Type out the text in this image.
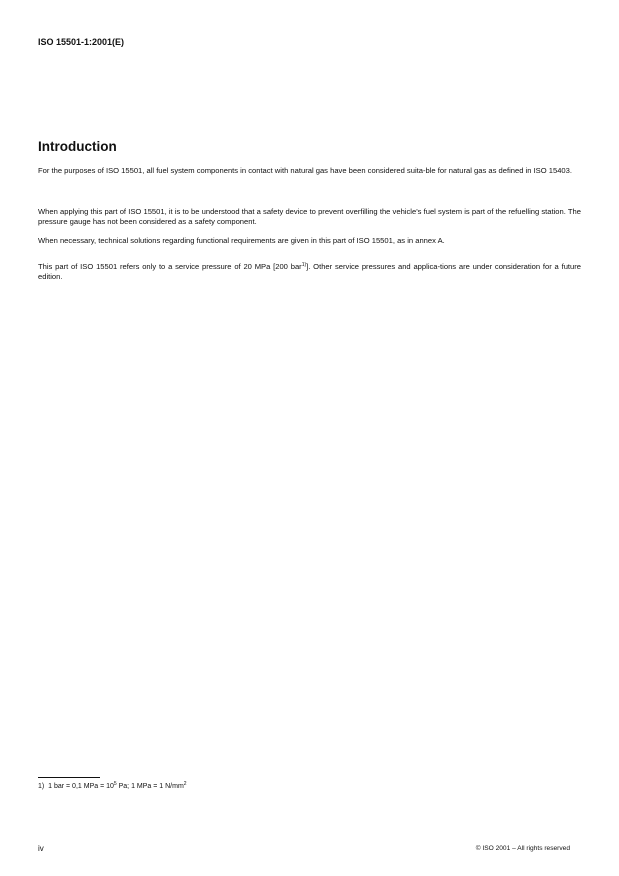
ISO 15501-1:2001(E)
Introduction

For the purposes of ISO 15501, all fuel system components in contact with natural gas have been considered suita-ble for natural gas as defined in ISO 15403.

When applying this part of ISO 15501, it is to be understood that a safety device to prevent overfilling the vehicle's fuel system is part of the refuelling station. The pressure gauge has not been considered as a safety component.

When necessary, technical solutions regarding functional requirements are given in this part of ISO 15501, as in annex A.

This part of ISO 15501 refers only to a service pressure of 20 MPa [200 bar$^{1)}$]. Other service pressures and applica-tions are under consideration for a future edition.

1) 1 bar = 0,1 MPa = $10^5$ Pa; 1 MPa = 1 $N/mm^2$
iv	© ISO 2001 – All rights reserved
